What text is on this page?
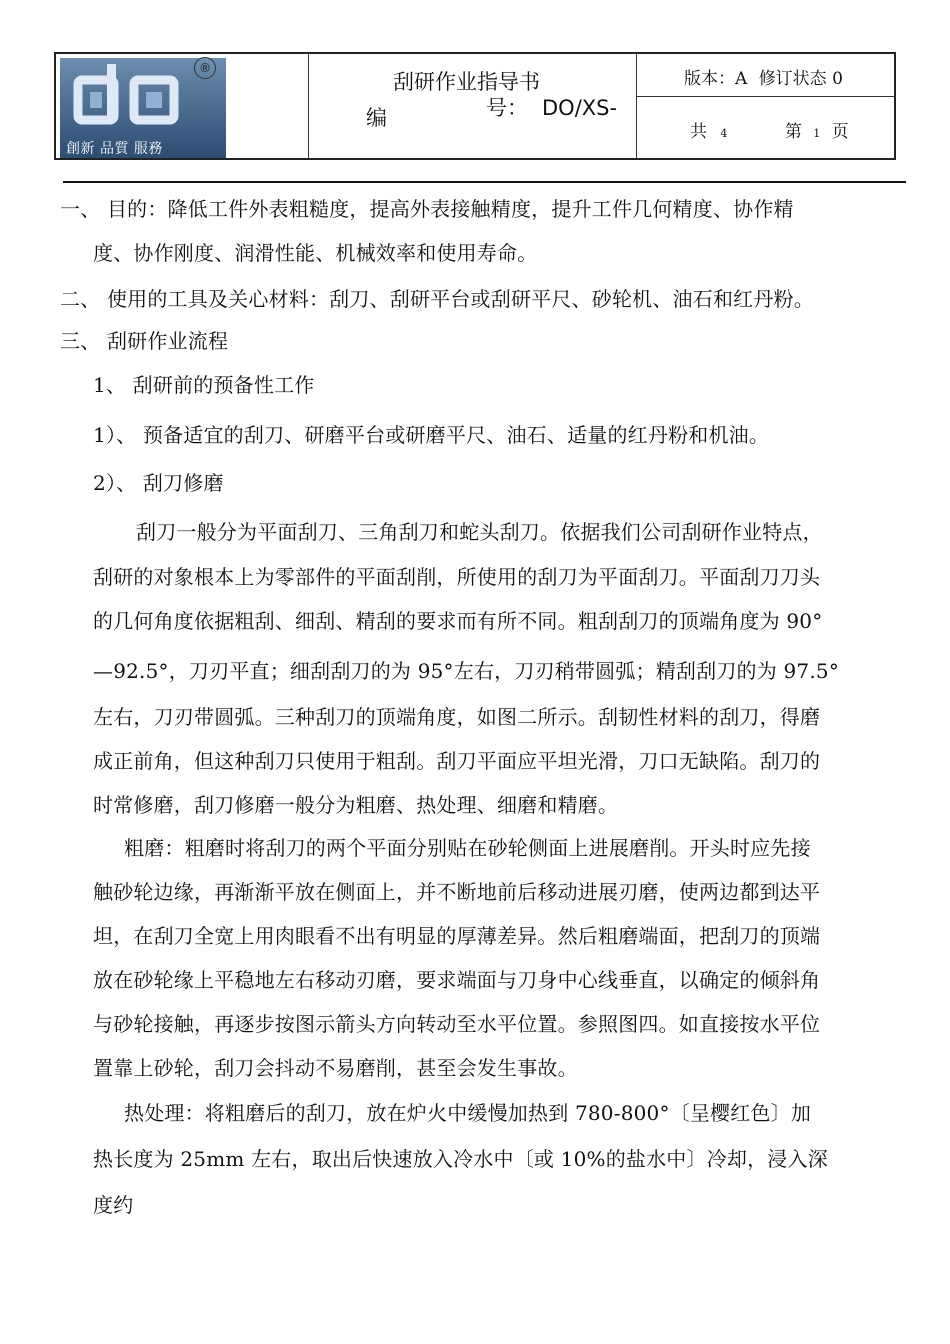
創新 品質 服務
®
刮研作业指导书
编	号： DO/XS-
版本：A 修订状态 0
共 4	第 1 页
一、 目的：降低工件外表粗糙度，提高外表接触精度，提升工件几何精度、协作精
度、协作刚度、润滑性能、机械效率和使用寿命。
二、 使用的工具及关心材料：刮刀、刮研平台或刮研平尺、砂轮机、油石和红丹粉。
三、 刮研作业流程
1、 刮研前的预备性工作
1）、 预备适宜的刮刀、研磨平台或研磨平尺、油石、适量的红丹粉和机油。
2）、 刮刀修磨
刮刀一般分为平面刮刀、三角刮刀和蛇头刮刀。依据我们公司刮研作业特点，
刮研的对象根本上为零部件的平面刮削，所使用的刮刀为平面刮刀。平面刮刀刀头
的几何角度依据粗刮、细刮、精刮的要求而有所不同。粗刮刮刀的顶端角度为 90°
—92.5°，刀刃平直；细刮刮刀的为 95°左右，刀刃稍带圆弧；精刮刮刀的为 97.5°
左右，刀刃带圆弧。三种刮刀的顶端角度，如图二所示。刮韧性材料的刮刀，得磨
成正前角，但这种刮刀只使用于粗刮。刮刀平面应平坦光滑，刀口无缺陷。刮刀的
时常修磨，刮刀修磨一般分为粗磨、热处理、细磨和精磨。
粗磨：粗磨时将刮刀的两个平面分别贴在砂轮侧面上进展磨削。开头时应先接
触砂轮边缘，再渐渐平放在侧面上，并不断地前后移动进展刃磨，使两边都到达平
坦，在刮刀全宽上用肉眼看不出有明显的厚薄差异。然后粗磨端面，把刮刀的顶端
放在砂轮缘上平稳地左右移动刃磨，要求端面与刀身中心线垂直，以确定的倾斜角
与砂轮接触，再逐步按图示箭头方向转动至水平位置。参照图四。如直接按水平位
置靠上砂轮，刮刀会抖动不易磨削，甚至会发生事故。
热处理：将粗磨后的刮刀，放在炉火中缓慢加热到 780-800°〔呈樱红色〕加
热长度为 25mm 左右，取出后快速放入冷水中〔或 10%的盐水中〕冷却，浸入深
度约
